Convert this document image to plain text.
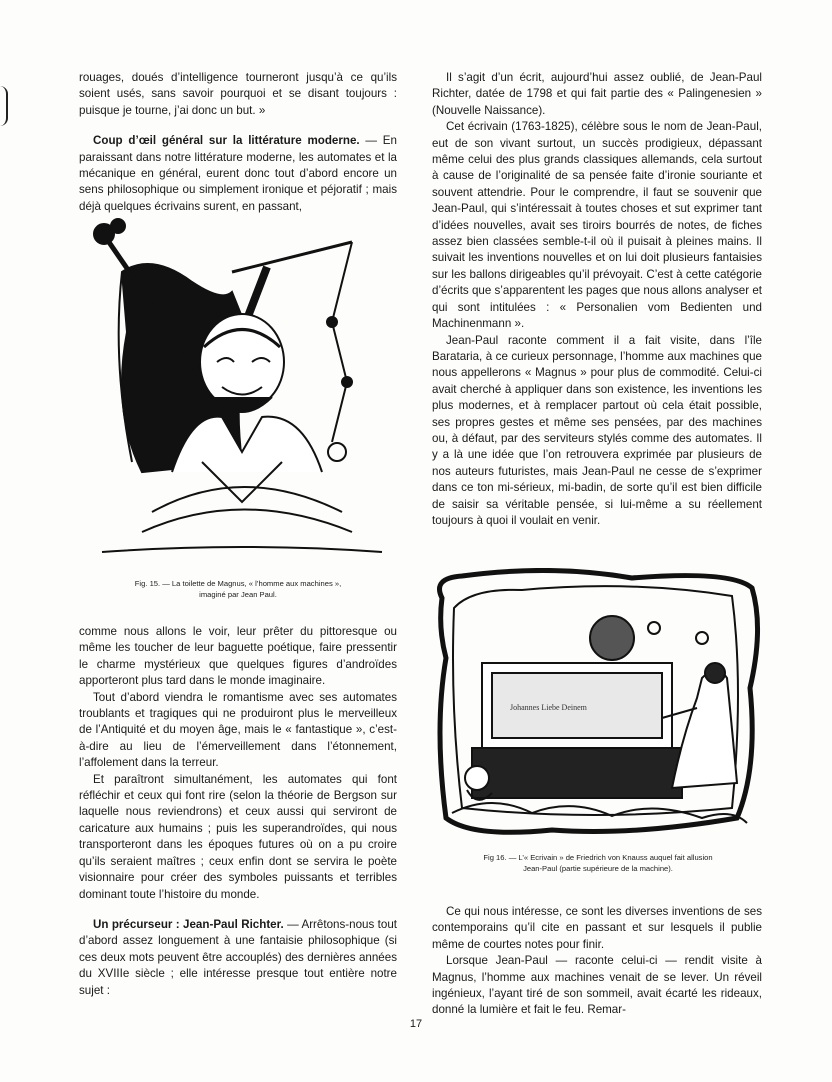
rouages, doués d’intelligence tourneront jusqu’à ce qu’ils soient usés, sans savoir pourquoi et se disant toujours : puisque je tourne, j’ai donc un but. »

Coup d’œil général sur la littérature moderne. — En paraissant dans notre littérature moderne, les automates et la mécanique en général, eurent donc tout d’abord encore un sens philosophique ou simplement ironique et péjoratif ; mais déjà quelques écrivains surent, en passant,

Fig. 15. — La toilette de Magnus, « l’homme aux machines »,
imaginé par Jean Paul.

comme nous allons le voir, leur prêter du pittoresque ou même les toucher de leur baguette poétique, faire pressentir le charme mystérieux que quelques figures d’androïdes apporteront plus tard dans le monde imaginaire.

Tout d’abord viendra le romantisme avec ses automates troublants et tragiques qui ne produiront plus le merveilleux de l’Antiquité et du moyen âge, mais le « fantastique », c’est-à-dire au lieu de l’émerveillement dans l’étonnement, l’affolement dans la terreur.

Et paraîtront simultanément, les automates qui font réfléchir et ceux qui font rire (selon la théorie de Bergson sur laquelle nous reviendrons) et ceux aussi qui serviront de caricature aux humains ; puis les superandroïdes, qui nous transporteront dans les époques futures où on a pu croire qu’ils seraient maîtres ; ceux enfin dont se servira le poète visionnaire pour créer des symboles puissants et terribles dominant toute l’histoire du monde.

Un précurseur : Jean-Paul Richter. — Arrêtons-nous tout d’abord assez longuement à une fantaisie philosophique (si ces deux mots peuvent être accouplés) des dernières années du XVIIIe siècle ; elle intéresse presque tout entière notre sujet :

Il s’agit d’un écrit, aujourd’hui assez oublié, de Jean-Paul Richter, datée de 1798 et qui fait partie des « Palingenesien » (Nouvelle Naissance).

Cet écrivain (1763-1825), célèbre sous le nom de Jean-Paul, eut de son vivant surtout, un succès prodigieux, dépassant même celui des plus grands classiques allemands, cela surtout à cause de l’originalité de sa pensée faite d’ironie souriante et souvent attendrie. Pour le comprendre, il faut se souvenir que Jean-Paul, qui s’intéressait à toutes choses et sut exprimer tant d’idées nouvelles, avait ses tiroirs bourrés de notes, de fiches assez bien classées semble-t-il où il puisait à pleines mains. Il suivait les inventions nouvelles et on lui doit plusieurs fantaisies sur les ballons dirigeables qu’il prévoyait. C’est à cette catégorie d’écrits que s’apparentent les pages que nous allons analyser et qui sont intitulées : « Personalien vom Bedienten und Machinenmann ».

Jean-Paul raconte comment il a fait visite, dans l’île Barataria, à ce curieux personnage, l’homme aux machines que nous appellerons « Magnus » pour plus de commodité. Celui-ci avait cherché à appliquer dans son existence, les inventions les plus modernes, et à remplacer partout où cela était possible, ses propres gestes et même ses pensées, par des machines ou, à défaut, par des serviteurs stylés comme des automates. Il y a là une idée que l’on retrouvera exprimée par plusieurs de nos auteurs futuristes, mais Jean-Paul ne cesse de s’exprimer dans ce ton mi-sérieux, mi-badin, de sorte qu’il est bien difficile de saisir sa véritable pensée, si lui-même a su réellement toujours à quoi il voulait en venir.

Johannes Liebe Deinem
Fig 16. — L’« Ecrivain » de Friedrich von Knauss auquel fait allusion
Jean-Paul (partie supérieure de la machine).

Ce qui nous intéresse, ce sont les diverses inventions de ses contemporains qu’il cite en passant et sur lesquels il publie même de courtes notes pour finir.

Lorsque Jean-Paul — raconte celui-ci — rendit visite à Magnus, l’homme aux machines venait de se lever. Un réveil ingénieux, l’ayant tiré de son sommeil, avait écarté les rideaux, donné la lumière et fait le feu. Remar-

17
